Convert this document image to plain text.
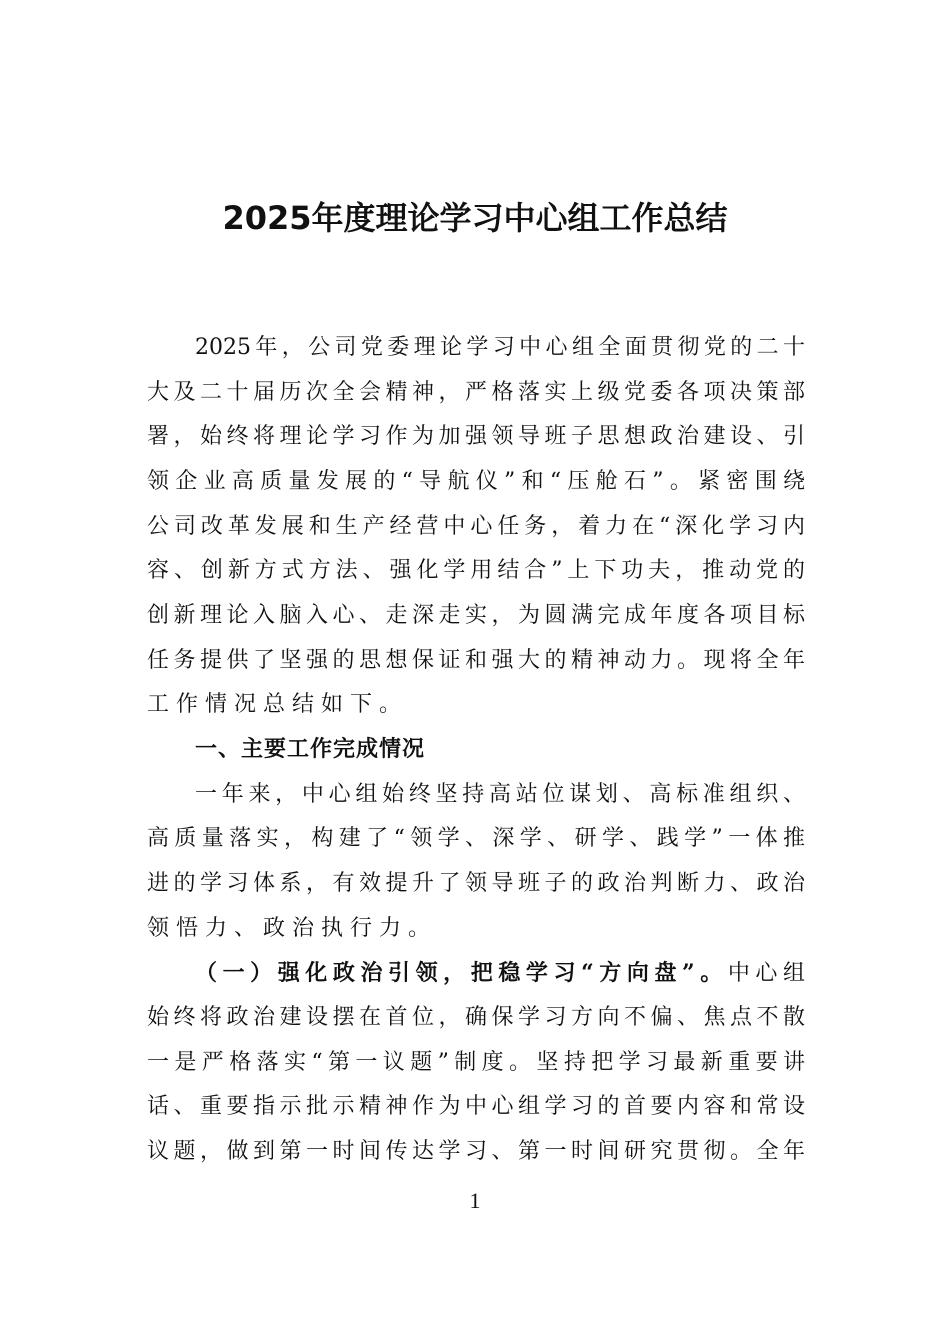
2025年度理论学习中心组工作总结
2025年，公司党委理论学习中心组全面贯彻党的二十
大及二十届历次全会精神，严格落实上级党委各项决策部
署，始终将理论学习作为加强领导班子思想政治建设、引
领企业高质量发展的“导航仪”和“压舱石”。紧密围绕
公司改革发展和生产经营中心任务，着力在“深化学习内
容、创新方式方法、强化学用结合”上下功夫，推动党的
创新理论入脑入心、走深走实，为圆满完成年度各项目标
任务提供了坚强的思想保证和强大的精神动力。现将全年
工作情况总结如下。
一、主要工作完成情况
一年来，中心组始终坚持高站位谋划、高标准组织、
高质量落实，构建了“领学、深学、研学、践学”一体推
进的学习体系，有效提升了领导班子的政治判断力、政治
领悟力、政治执行力。
（一）强化政治引领，把稳学习“方向盘”。中心组
始终将政治建设摆在首位，确保学习方向不偏、焦点不散
一是严格落实“第一议题”制度。坚持把学习最新重要讲
话、重要指示批示精神作为中心组学习的首要内容和常设
议题，做到第一时间传达学习、第一时间研究贯彻。全年
1
